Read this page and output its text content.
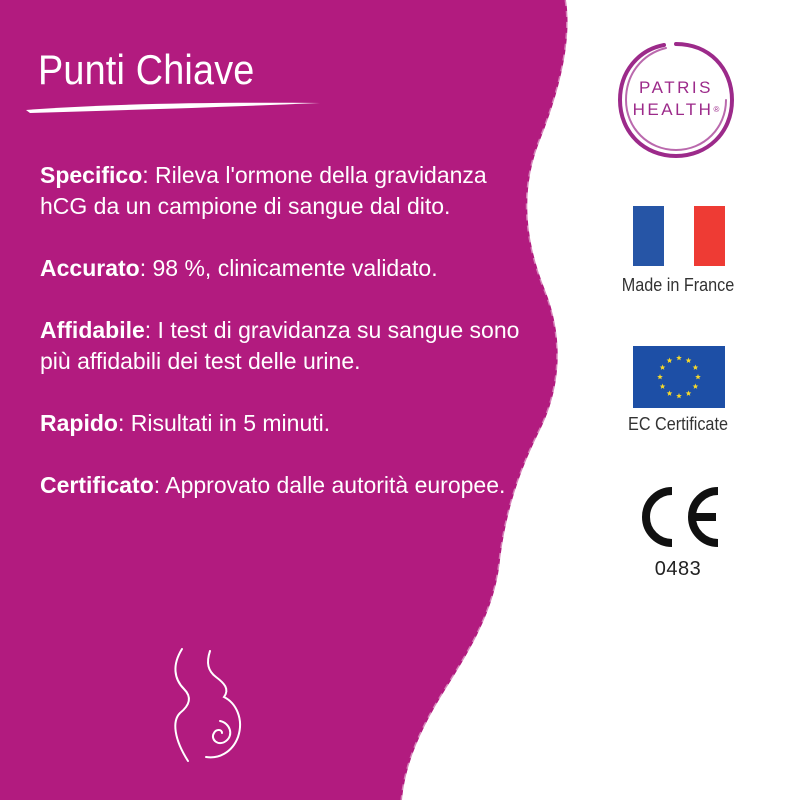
Punti Chiave
Specifico: Rileva l'ormone della gravidanza hCG da un campione di sangue dal dito.
Accurato: 98 %, clinicamente validato.
Affidabile: I test di gravidanza su sangue sono più affidabili dei test delle urine.
Rapido: Risultati in 5 minuti.
Certificato: Approvato dalle autorità europee.
PATRIS
HEALTH®
Made in France
EC Certificate
0483
